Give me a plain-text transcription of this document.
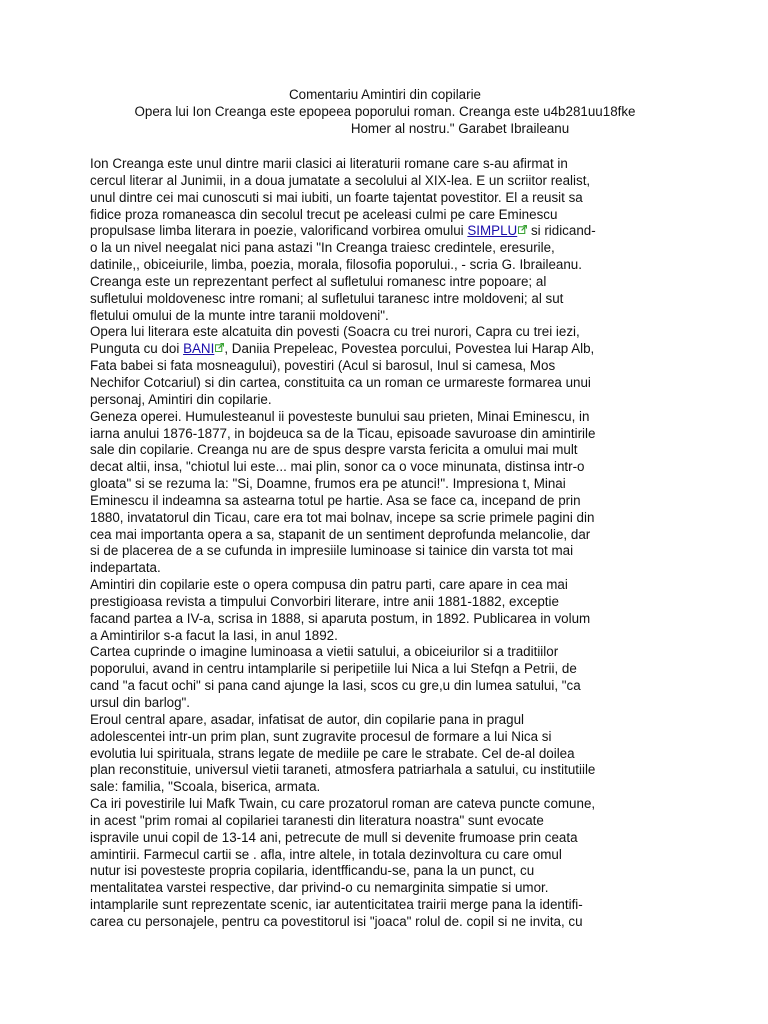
Comentariu Amintiri din copilarie
Opera lui Ion Creanga este epopeea poporului roman. Creanga este u4b281uu18fke
Homer al nostru." Garabet Ibraileanu
Ion Creanga este unul dintre marii clasici ai literaturii romane care s-au afirmat in
cercul literar al Junimii, in a doua jumatate a secolului al XIX-lea. E un scriitor realist,
unul dintre cei mai cunoscuti si mai iubiti, un foarte tajentat povestitor. El a reusit sa
fidice proza romaneasca din secolul trecut pe aceleasi culmi pe care Eminescu
propulsase limba literara in poezie, valorificand vorbirea omului SIMPLU si ridicand-
o la un nivel neegalat nici pana astazi "In Creanga traiesc credintele, eresurile,
datinile,, obiceiurile, limba, poezia, morala, filosofia poporului., - scria G. Ibraileanu.
Creanga este un reprezentant perfect al sufletului romanesc intre popoare; al
sufletului moldovenesc intre romani; al sufletului taranesc intre moldoveni; al sut
fletului omului de la munte intre taranii moldoveni".
Opera lui literara este alcatuita din povesti (Soacra cu trei nurori, Capra cu trei iezi,
Punguta cu doi BANI , Daniia Prepeleac, Povestea porcului, Povestea lui Harap Alb,
Fata babei si fata mosneagului), povestiri (Acul si barosul, Inul si camesa, Mos
Nechifor Cotcariul) si din cartea, constituita ca un roman ce urmareste formarea unui
personaj, Amintiri din copilarie.
Geneza operei. Humulesteanul ii povesteste bunului sau prieten, Minai Eminescu, in
iarna anului 1876-1877, in bojdeuca sa de la Ticau, episoade savuroase din amintirile
sale din copilarie. Creanga nu are de spus despre varsta fericita a omului mai mult
decat altii, insa, "chiotul lui este... mai plin, sonor ca o voce minunata, distinsa intr-o
gloata" si se rezuma la: "Si, Doamne, frumos era pe atunci!". Impresiona t, Minai
Eminescu il indeamna sa astearna totul pe hartie. Asa se face ca, incepand de prin
1880, invatatorul din Ticau, care era tot mai bolnav, incepe sa scrie primele pagini din
cea mai importanta opera a sa, stapanit de un sentiment deprofunda melancolie, dar
si de placerea de a se cufunda in impresiile luminoase si tainice din varsta tot mai
indepartata.
Amintiri din copilarie este o opera compusa din patru parti, care apare in cea mai
prestigioasa revista a timpului Convorbiri literare, intre anii 1881-1882, exceptie
facand partea a IV-a, scrisa in 1888, si aparuta postum, in 1892. Publicarea in volum
a Amintirilor s-a facut la Iasi, in anul 1892.
Cartea cuprinde o imagine luminoasa a vietii satului, a obiceiurilor si a traditiilor
poporului, avand in centru intamplarile si peripetiile lui Nica a lui Stefqn a Petrii, de
cand "a facut ochi" si pana cand ajunge la Iasi, scos cu gre,u din lumea satului, "ca
ursul din barlog".
Eroul central apare, asadar, infatisat de autor, din copilarie pana in pragul
adolescentei intr-un prim plan, sunt zugravite procesul de formare a lui Nica si
evolutia lui spirituala, strans legate de mediile pe care le strabate. Cel de-al doilea
plan reconstituie, universul vietii taraneti, atmosfera patriarhala a satului, cu institutiile
sale: familia, "Scoala, biserica, armata.
Ca iri povestirile lui Mafk Twain, cu care prozatorul roman are cateva puncte comune,
in acest "prim romai al copilariei taranesti din literatura noastra" sunt evocate
ispravile unui copil de 13-14 ani, petrecute de mull si devenite frumoase prin ceata
amintirii. Farmecul cartii se . afla, intre altele, in totala dezinvoltura cu care omul
nutur isi povesteste propria copilaria, identfficandu-se, pana la un punct, cu
mentalitatea varstei respective, dar privind-o cu nemarginita simpatie si umor.
intamplarile sunt reprezentate scenic, iar autenticitatea trairii merge pana la identifi-
carea cu personajele, pentru ca povestitorul isi "joaca" rolul de. copil si ne invita, cu
